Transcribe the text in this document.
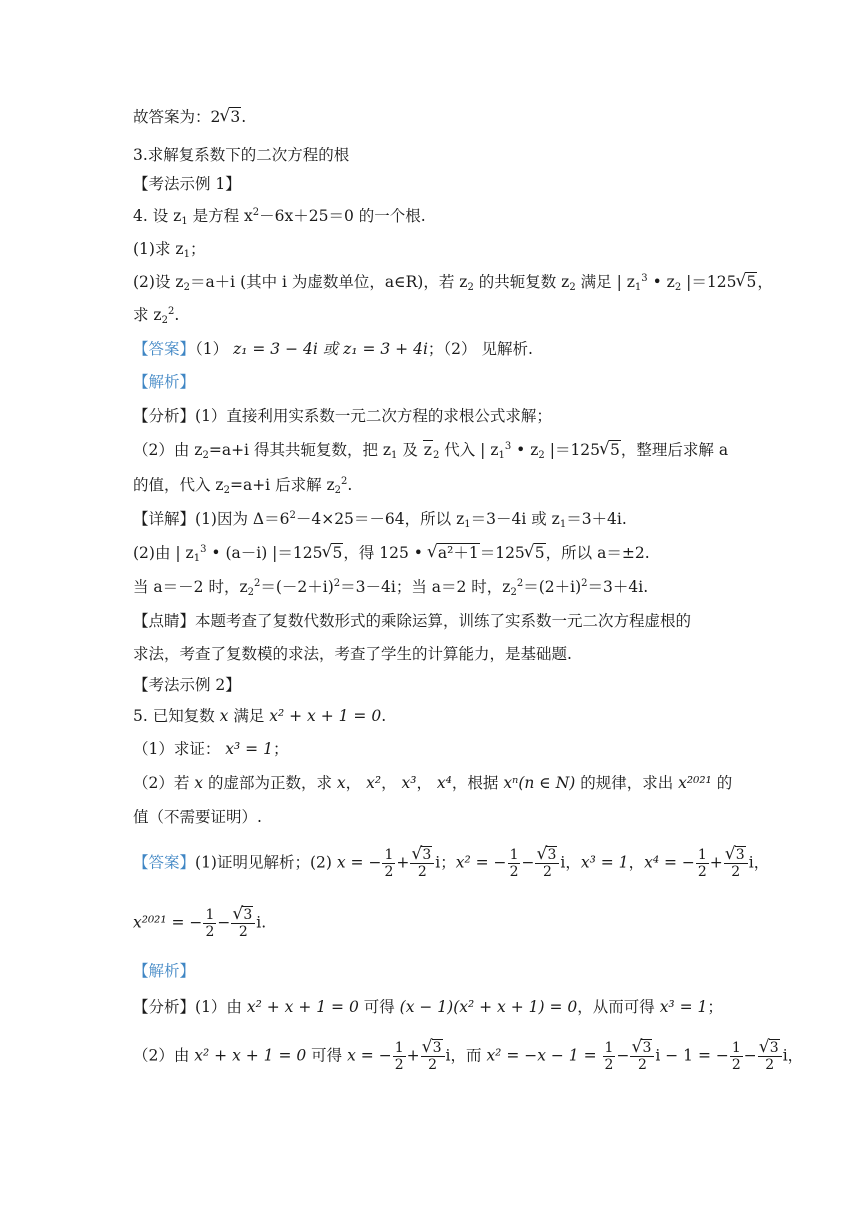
故答案为：2 √ 3.
3.求解复系数下的二次方程的根
【考法示例 1】
4. 设 $z_1$ 是方程 $x^2-6x+25=0$ 的一个根.
(1)求 $z_1$；
(2)设 $z_2=a+i$ (其中 i 为虚数单位，a∈R)，若 $z_2$ 的共轭复数 $z_2$ 满足 | $z_1^3$ • $z_2$ |＝125 √ 5，
求 $z_2^2$.
【答案】（1） z₁ = 3 − 4i 或 z₁ = 3 + 4i；（2） 见解析.
【解析】
【分析】(1）直接利用实系数一元二次方程的求根公式求解；
（2）由 $z_2=a+i$ 得其共轭复数，把 $z_1$ 及 $z_2$ 代入 | $z_1^3$ • $z_2$ |＝125 √ 5，整理后求解 a
的值，代入 $z_2=a+i$ 后求解 $z_2^2$.
【详解】(1)因为 $\Delta=6^2-4\times 25=-64$，所以 $z_1=3-4i$ 或 $z_1=3+4i$.
(2)由 | $z_1^3$ • (a－i) |＝125 √ 5，得 125 • √ a²＋1＝125 √ 5，所以 a＝±2.
当 a＝－2 时，$z_2^2=(-2+i)^2=3-4i$；当 a＝2 时，$z_2^2=(2+i)^2=3+4i$.
【点睛】本题考查了复数代数形式的乘除运算，训练了实系数一元二次方程虚根的
求法，考查了复数模的求法，考查了学生的计算能力，是基础题.
【考法示例 2】
5. 已知复数 x 满足 x² + x + 1 = 0.
（1）求证： x³ = 1；
（2）若 x 的虚部为正数，求 x， x²， x³， x⁴，根据 xⁿ(n ∈ N) 的规律，求出 x²⁰²¹ 的
值（不需要证明）.
【答案】(1)证明见解析；(2) x = − $\frac{1}{2}$ + √ $\frac{3}{2}$ i；x² = − $\frac{1}{2}$ − √ $\frac{3}{2}$ i，x³ = 1，x⁴ = − $\frac{1}{2}$ + √ $\frac{3}{2}$ i，
x²⁰²¹ = − $\frac{1}{2}$ − √ $\frac{3}{2} i$.
【解析】
【分析】(1）由 x² + x + 1 = 0 可得 (x − 1)(x² + x + 1) = 0，从而可得 x³ = 1；
（2）由 x² + x + 1 = 0 可得 x = − $\frac{1}{2}$ + √ $\frac{3}{2}$ i，而 $x^2 = -x - 1 = \frac{1}{2}$ − √ $\frac{3}{2}$ i − 1 = − $\frac{1}{2}$ − √ $\frac{3}{2}$ i，
